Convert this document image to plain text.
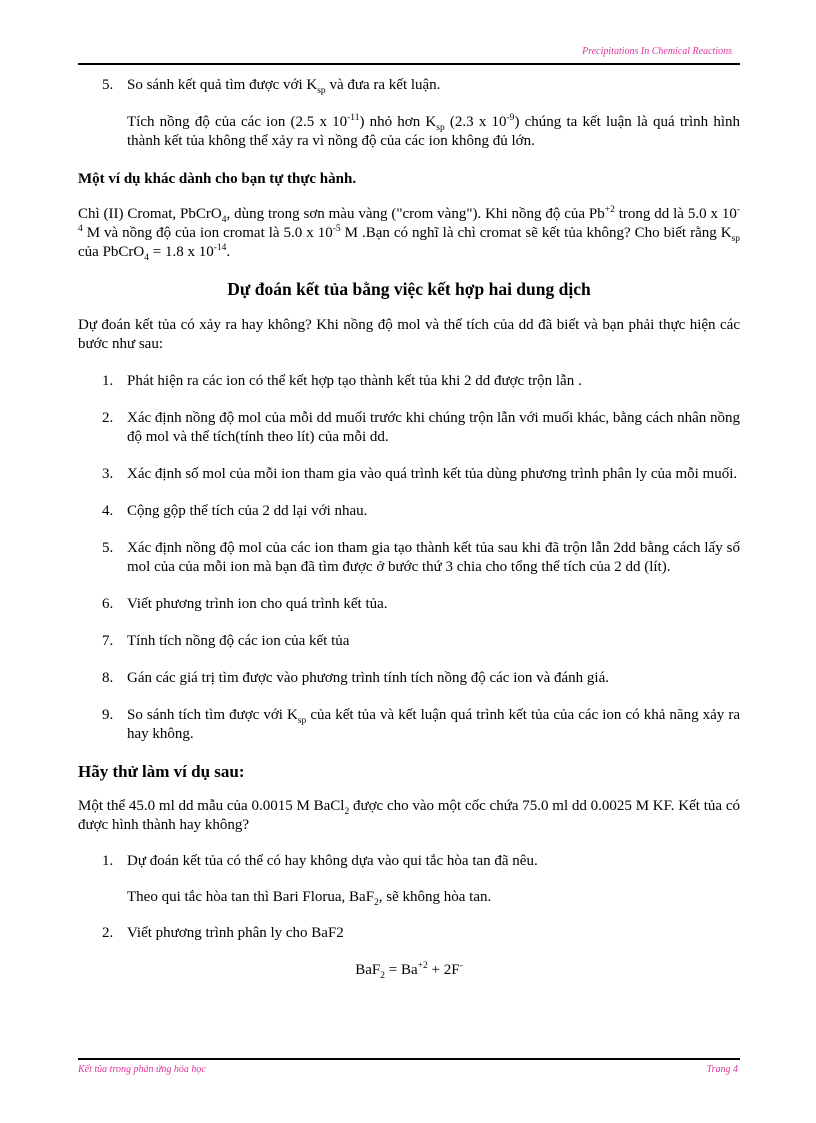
Precipitations In Chemical Reactions

5. So sánh kết quả tìm được với $K_{sp}$ và đưa ra kết luận.

Tích nồng độ của các ion (2.5 x $10^{-11}$) nhỏ hơn $K_{sp}$ (2.3 x $10^{-9}$) chúng ta kết luận là quá trình hình thành kết tủa không thể xảy ra vì nồng độ của các ion không đủ lớn.

Một ví dụ khác dành cho bạn tự thực hành.

Chì (II) Cromat, PbCrO$_4$, dùng trong sơn màu vàng ("crom vàng"). Khi nồng độ của $Pb^{+2}$ trong dd là 5.0 x $10^{-4}$ M và nồng độ của ion cromat là 5.0 x $10^{-5}$ M .Bạn có nghĩ là chì cromat sẽ kết tủa không? Cho biết rằng $K_{sp}$ của PbCrO$_4$ = 1.8 x $10^{-14}$.

Dự đoán kết tủa bằng việc kết hợp hai dung dịch

Dự đoán kết tủa có xảy ra hay không? Khi nồng độ mol và thể tích của dd đã biết và bạn phải thực hiện các bước như sau:

1. Phát hiện ra các ion có thể kết hợp tạo thành kết tủa khi 2 dd được trộn lẫn .

2. Xác định nồng độ mol của mỗi dd muối trước khi chúng trộn lẫn với muối khác, bằng cách nhân nồng độ mol và thể tích(tính theo lít) của mỗi dd.

3. Xác định số mol của mỗi ion tham gia vào quá trình kết tủa dùng phương trình phân ly của mỗi muối.

4. Cộng gộp thể tích của 2 dd lại với nhau.

5. Xác định nồng độ mol của các ion tham gia tạo thành kết tủa sau khi đã trộn lẫn 2dd bằng cách lấy số mol của của mỗi ion mà bạn đã tìm được ở bước thứ 3 chia cho tổng thể tích của 2 dd (lít).

6. Viết phương trình ion cho quá trình kết tủa.

7. Tính tích nồng độ các ion của kết tủa

8. Gán các giá trị tìm được vào phương trình tính tích nồng độ các ion và đánh giá.

9. So sánh tích tìm được với $K_{sp}$ của kết tủa và kết luận quá trình kết tủa của các ion có khả năng xảy ra hay không.

Hãy thử làm ví dụ sau:

Một thể 45.0 ml dd mẫu của 0.0015 M BaCl$_2$ được cho vào một cốc chứa 75.0 ml dd 0.0025 M KF. Kết tủa có được hình thành hay không?

1. Dự đoán kết tủa có thể có hay không dựa vào qui tắc hòa tan đã nêu.

Theo qui tắc hòa tan thì Bari Florua, BaF$_2$, sẽ không hòa tan.

2. Viết phương trình phân ly cho BaF2

$BaF_2 = Ba^{+2} + 2F^-$

Kết tủa trong phản ứng hóa học	Trang 4
